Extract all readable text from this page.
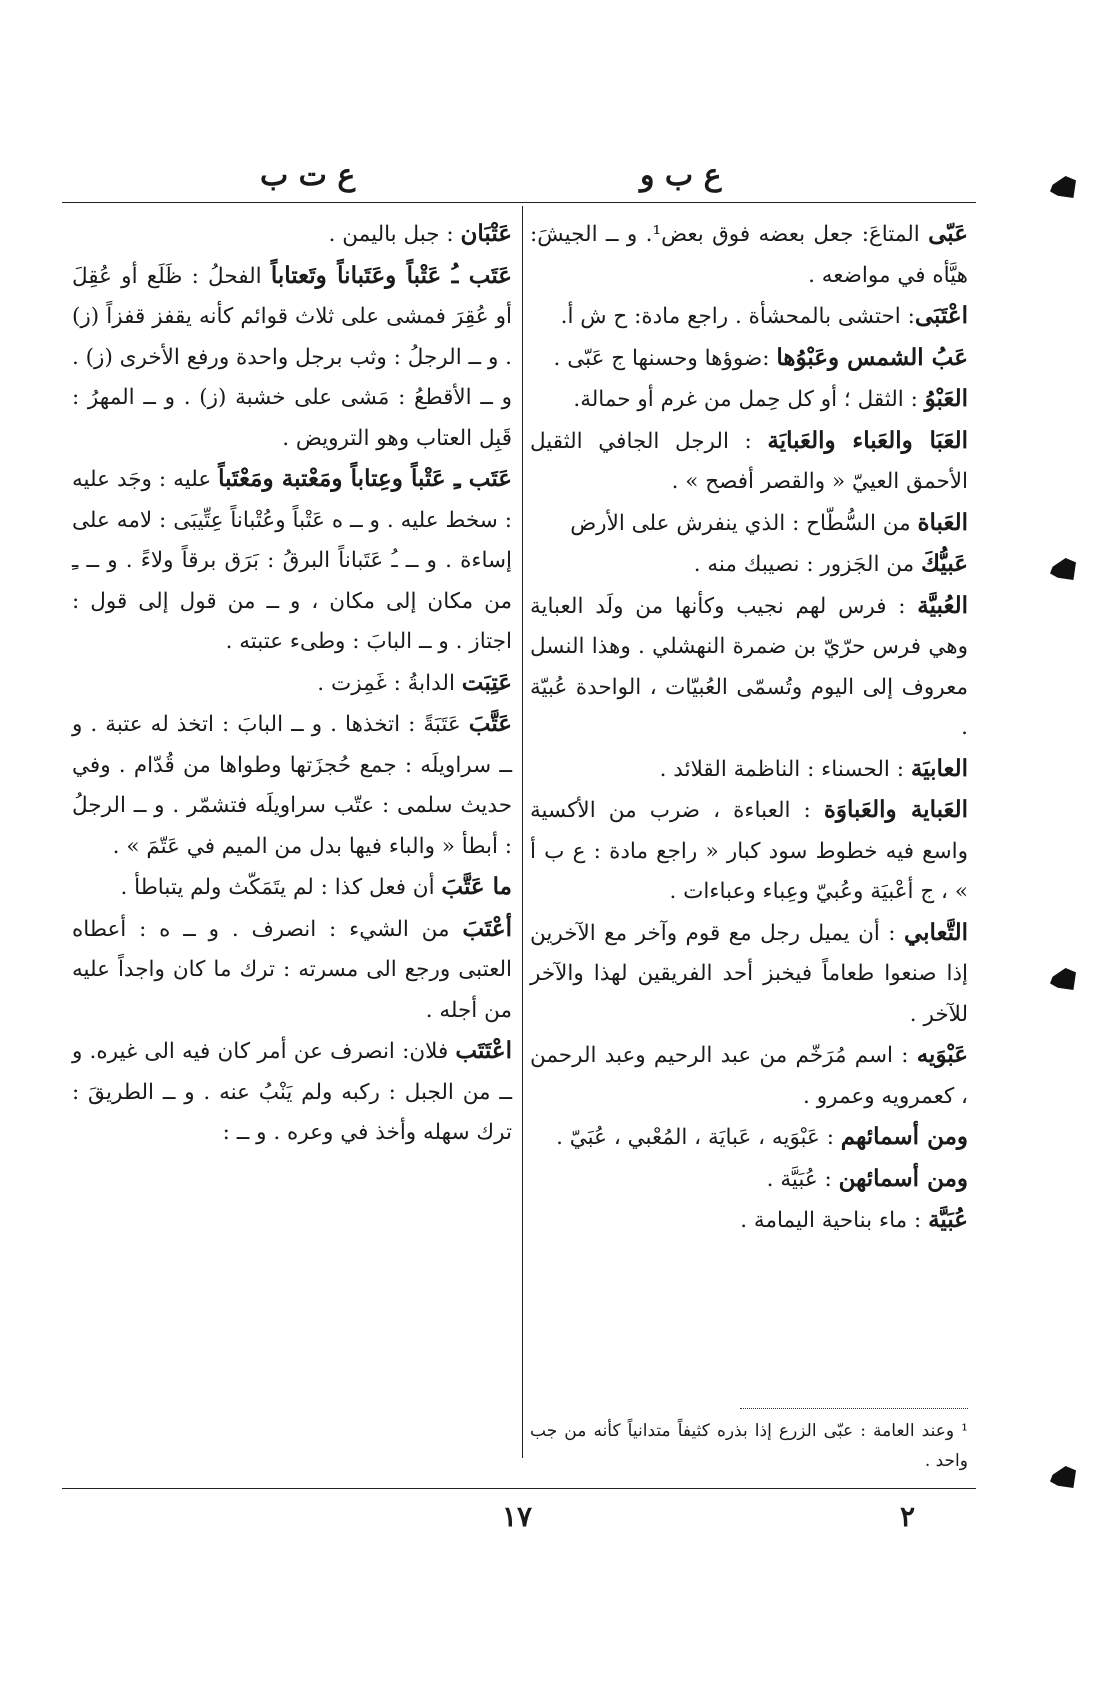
ع ب و
ع ت ب

عَبّى المتاعَ: جعل بعضه فوق بعض¹. و ــ الجيشَ: هيَّأه في مواضعه .

اعْتَبَى: احتشى بالمحشأة . راجع مادة: ح ش أ.

عَبُ الشمس وعَبْوُها :ضوؤها وحسنها ج عَبّى .

العَبْوُ : الثقل ؛ أو كل حِمل من غرم أو حمالة.

العَبَا والعَباء والعَبايَة : الرجل الجافي الثقيل الأحمق العييّ « والقصر أفصح » .

العَباة من السُّطّاح : الذي ينفرش على الأرض

عَبيُّكَ من الجَزور : نصيبك منه .

العُبيَّة : فرس لهم نجيب وكأنها من ولَد العباية وهي فرس حرّيّ بن ضمرة النهشلي . وهذا النسل معروف إلى اليوم وتُسمّى العُبيّات ، الواحدة عُبيّة .

العابيَة : الحسناء : الناظمة القلائد .

العَباية والعَباوَة : العباءة ، ضرب من الأكسية واسع فيه خطوط سود كبار « راجع مادة : ع ب أ » ، ج أعْبيَة وعُبيّ وعِباء وعباءات .

التَّعابي : أن يميل رجل مع قوم وآخر مع الآخرين إذا صنعوا طعاماً فيخبز أحد الفريقين لهذا والآخر للآخر .

عَبْوَيه : اسم مُرَخّم من عبد الرحيم وعبد الرحمن ، كعمرويه وعمرو .

ومن أسمائهم : عَبْوَيه ، عَبايَة ، المُعْبي ، عُبَيّ .

ومن أسمائهن : عُبَيَّة .

عُبَيَّة : ماء بناحية اليمامة .

¹ وعند العامة : عبّى الزرع إذا بذره كثيفاً متدانياً كأنه من جب واحد .

عَتْبَان : جبل باليمن .

عَتَب ـُ عَتْباً وعَتَباناً وتَعتاباً الفحلُ : ظَلَع أو عُقِلَ أو عُقِرَ فمشى على ثلاث قوائم كأنه يقفز قفزاً (ز) . و ــ الرجلُ : وثب برجل واحدة ورفع الأخرى (ز) . و ــ الأقطعُ : مَشى على خشبة (ز) . و ــ المهرُ : قَبِل العتاب وهو الترويض .

عَتَب ـِ عَتْباً وعِتاباً ومَعْتبة ومَعْتَباً عليه : وجَد عليه : سخط عليه . و ــ ه عَتْباً وعُتْباناً عِتِّيبَى : لامه على إساءة . و ــ ـُ عَتَباناً البرقُ : بَرَق برقاً ولاءً . و ــ ـِ من مكان إلى مكان ، و ــ من قول إلى قول : اجتاز . و ــ البابَ : وطىء عتبته .

عَتِبَت الدابةُ : غَمِزت .

عَتَّبَ عَتَبَةً : اتخذها . و ــ البابَ : اتخذ له عتبة . و ــ سراويلَه : جمع حُجزَتها وطواها من قُدّام . وفي حديث سلمى : عتّب سراويلَه فتشمّر . و ــ الرجلُ : أبطأ « والباء فيها بدل من الميم في عَتّمَ » .

ما عَتَّبَ أن فعل كذا : لم يتَمَكّث ولم يتباطأ .

أعْتَبَ من الشيء : انصرف . و ــ ه : أعطاه العتبى ورجع الى مسرته : ترك ما كان واجداً عليه من أجله .

اعْتَتَب فلان: انصرف عن أمر كان فيه الى غيره. و ــ من الجبل : ركبه ولم يَنْبُ عنه . و ــ الطريقَ : ترك سهله وأخذ في وعره . و ــ :

٢
١٧
